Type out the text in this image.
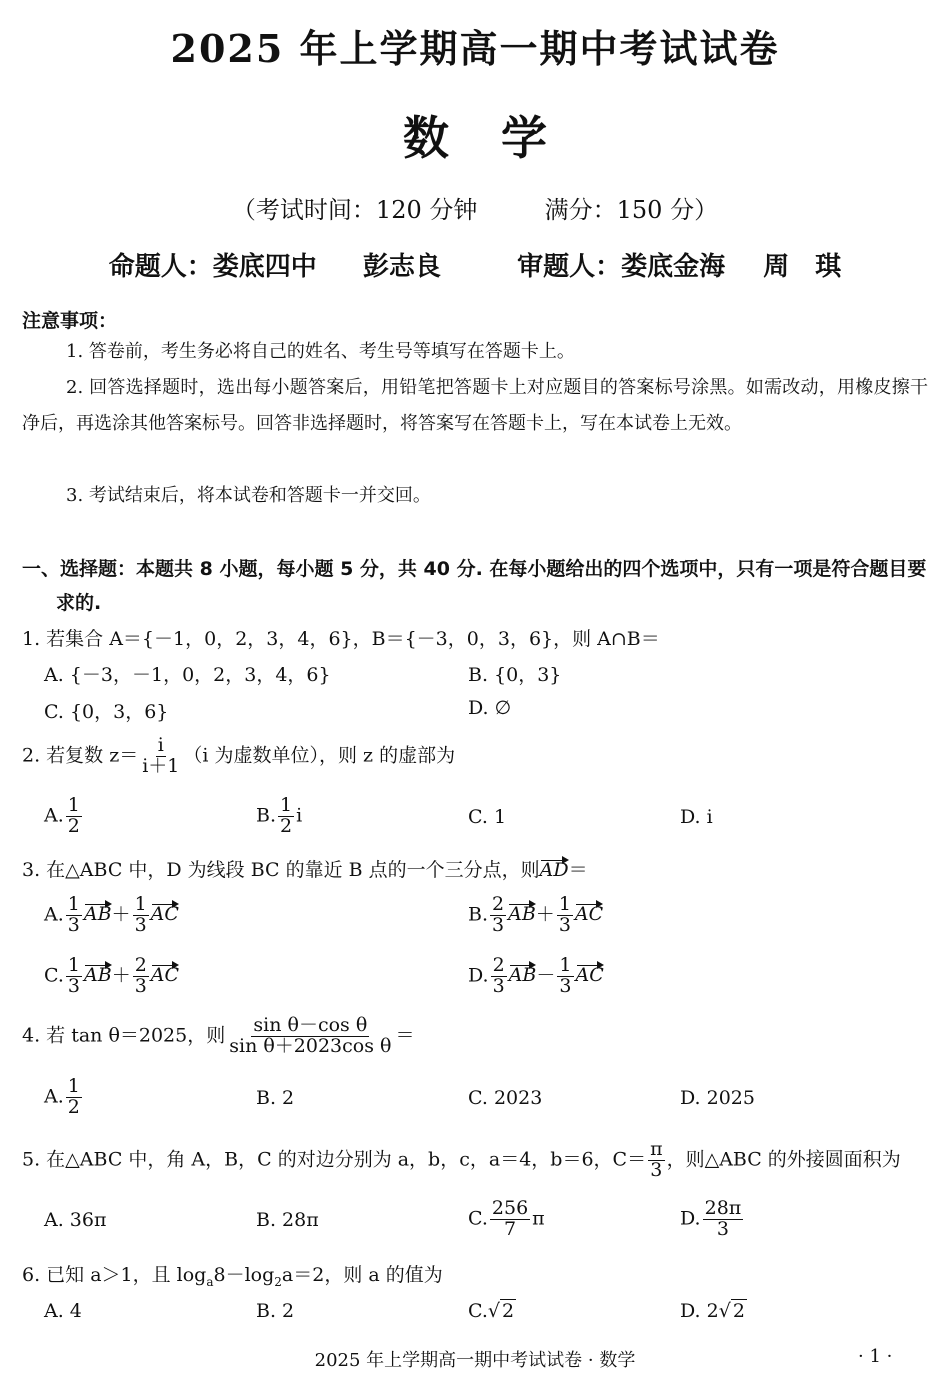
2025 年上学期高一期中考试试卷
数学
（考试时间：120 分钟	满分：150 分）
命题人：娄底四中 彭志良	审题人：娄底金海 周　琪
注意事项：
1. 答卷前，考生务必将自己的姓名、考生号等填写在答题卡上。
2. 回答选择题时，选出每小题答案后，用铅笔把答题卡上对应题目的答案标号涂黑。如需改动，用橡皮擦干净后，再选涂其他答案标号。回答非选择题时，将答案写在答题卡上，写在本试卷上无效。
3. 考试结束后，将本试卷和答题卡一并交回。
一、选择题：本题共 8 小题，每小题 5 分，共 40 分. 在每小题给出的四个选项中，只有一项是符合题目要求的.
1. 若集合 A＝{－1，0，2，3，4，6}，B＝{－3，0，3，6}，则 A∩B＝
A. {－3，－1，0，2，3，4，6}	B. {0，3}
C. {0，3，6}	D. ∅
2. 若复数 $z= \frac{i}{i+1} (i$ 为虚数单位），则 z 的虚部为
A. $\frac{1}{2}$	B. $\frac{1}{2}$ i	C. 1	D. i
3. 在△ABC 中，D 为线段 BC 的靠近 B 点的一个三分点，则AD＝
A. $\frac{1}{3} AB+ \frac{1}{3}$ AC	B. $\frac{2}{3} AB+ \frac{1}{3}$ AC
C. $\frac{1}{3} AB+ \frac{2}{3}$ AC	D. $\frac{2}{3} AB- \frac{1}{3}$ AC
4. 若 tan θ＝2025，则 $\frac{\text{sin θ－cos θ}}{\text{sin θ＋2023cos θ}}$ ＝
A. $\frac{1}{2}$	B. 2	C. 2023	D. 2025
5. 在△ABC 中，角 A，B，C 的对边分别为 a，b，c，a＝4，b＝6，$C= \frac{\pi}{3}$ ，则△ABC 的外接圆面积为
A. 36π	B. 28π	C. $\frac{256}{7}$ π	D. $\frac{28\pi}{3}$
6. 已知 a＞1，且 $\log_a8-\log_2a=2$，则 a 的值为
A. 4	B. 2	C.√ 2	D. 2√ 2
2025 年上学期高一期中考试试卷 · 数学	· 1 ·
